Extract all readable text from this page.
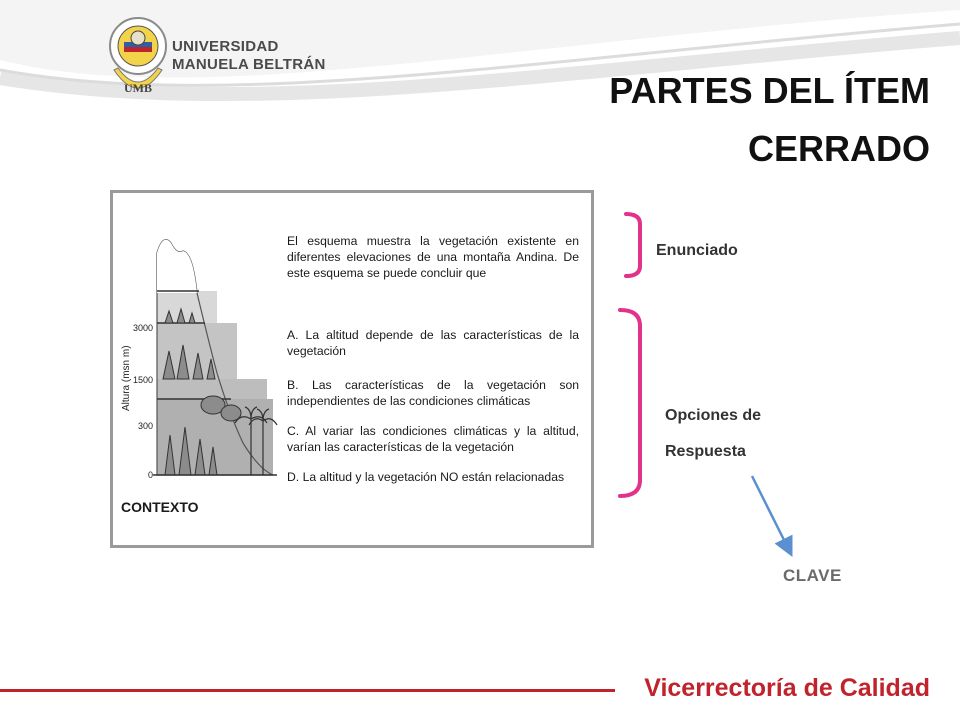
UMB
UNIVERSIDAD
MANUELA BELTRÁN
PARTES DEL ÍTEM
CERRADO
Altura (msn m)
3000
1500
300
0
CONTEXTO
El esquema muestra la vegetación existente en diferentes elevaciones de una montaña Andina. De este esquema se puede concluir que
A. La altitud depende de las características de la vegetación
B. Las características de la vegetación son independientes de las condiciones climáticas
C. Al variar las condiciones climáticas y la altitud, varían las características de la vegetación
D. La altitud y la vegetación NO están relacionadas
Enunciado
Opciones de
Respuesta
CLAVE
Vicerrectoría de Calidad
